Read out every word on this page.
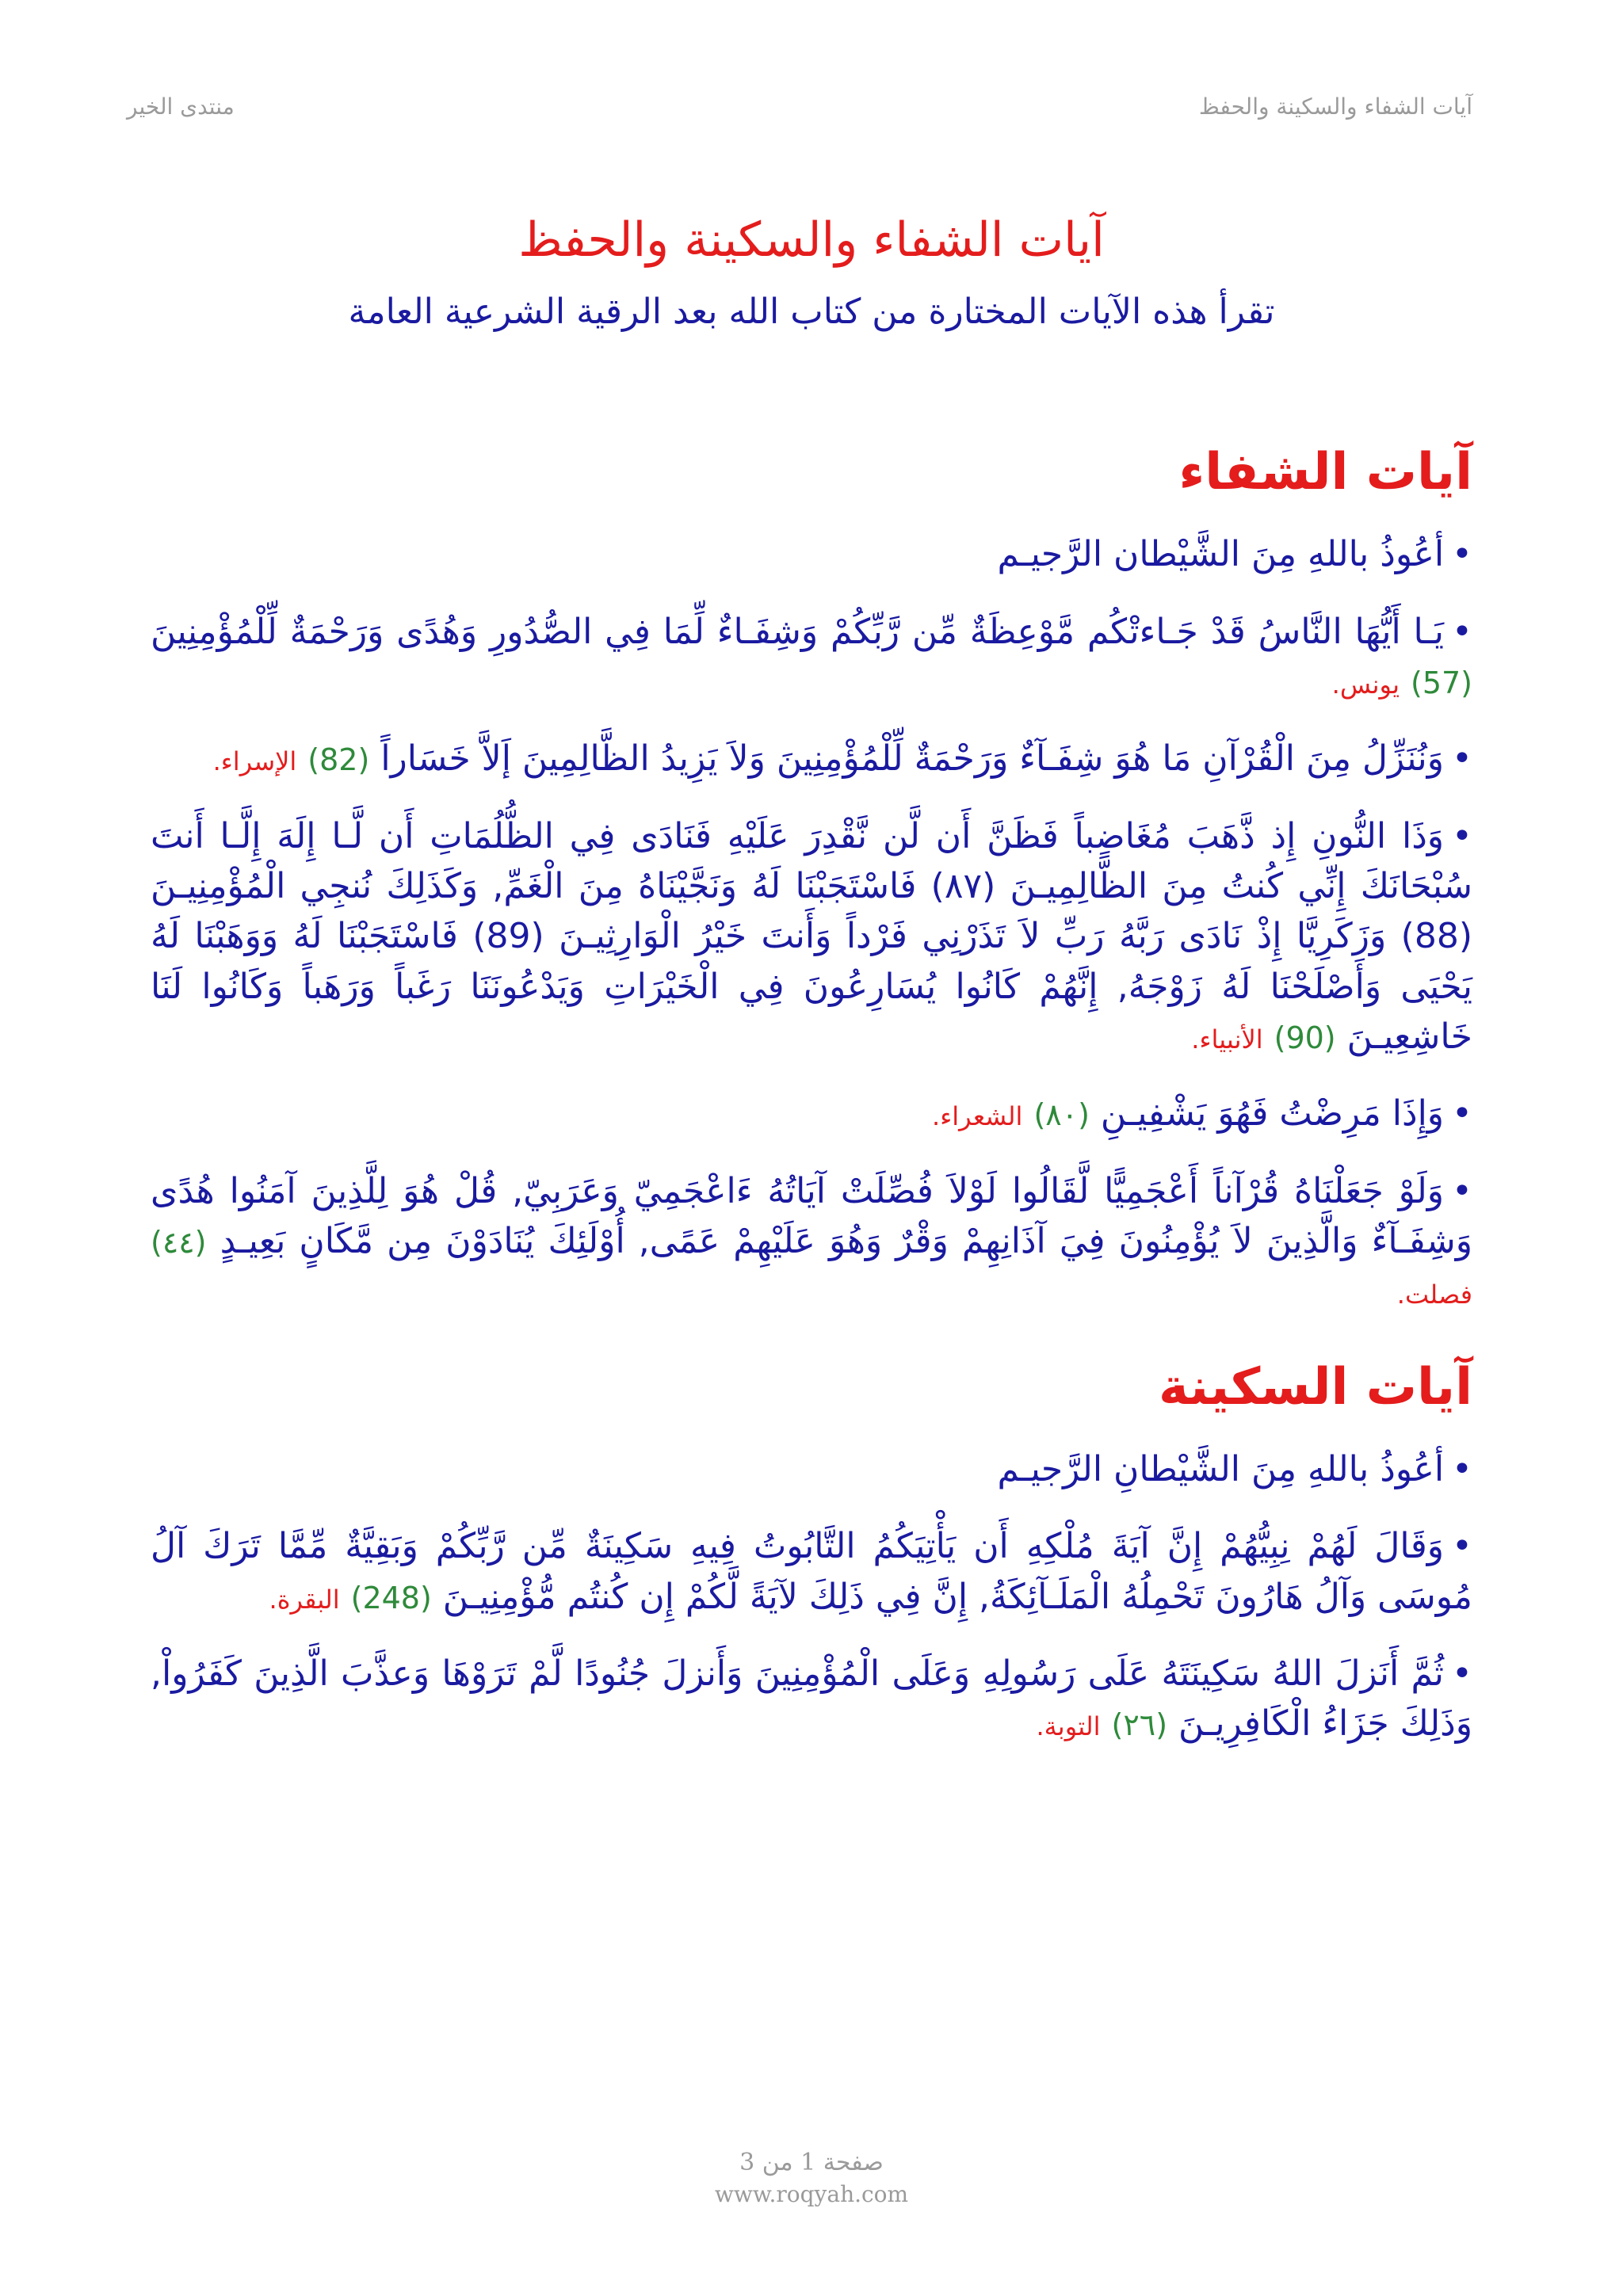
منتدى الخير	آيات الشفاء والسكينة والحفظ
آيات الشفاء والسكينة والحفظ
تقرأ هذه الآيات المختارة من كتاب الله بعد الرقية الشرعية العامة
آيات الشفاء
•أعُوذُ باللهِ مِنَ الشَّيْطان الرَّجيـم
•يَـا أَيُّهَا النَّاسُ قَدْ جَـاءتْكُم مَّوْعِظَةٌ مِّن رَّبِّكُمْ وَشِفَـاءٌ لِّمَا فِي الصُّدُورِ وَهُدًى وَرَحْمَةٌ لِّلْمُؤْمِنِينَ (57) يونس.
•وَنُنَزِّلُ مِنَ الْقُرْآنِ مَا هُوَ شِفَـآءٌ وَرَحْمَةٌ لِّلْمُؤْمِنِينَ وَلاَ يَزِيدُ الظَّالِمِينَ إَلاَّ خَسَاراً (82) الإسراء.
•وَذَا النُّونِ إِذ ذَّهَبَ مُغَاضِباً فَظَنَّ أَن لَّن نَّقْدِرَ عَلَيْهِ فَنَادَى فِي الظُّلُمَاتِ أَن لَّـا إِلَهَ إِلَّـا أَنتَ سُبْحَانَكَ إِنِّي كُنتُ مِنَ الظَّالِمِيـنَ (٨٧) فَاسْتَجَبْنَا لَهُ وَنَجَّيْنَاهُ مِنَ الْغَمِّ, وَكَذَلِكَ نُنجِي الْمُؤْمِنِيـنَ (88) وَزَكَرِيَّا إِذْ نَادَى رَبَّهُ رَبِّ لاَ تَذَرْنِي فَرْداً وَأَنتَ خَيْرُ الْوَارِثِيـنَ (89) فَاسْتَجَبْنَا لَهُ وَوَهَبْنَا لَهُ يَحْيَى وَأَصْلَحْنَا لَهُ زَوْجَهُ, إِنَّهُمْ كَانُوا يُسَارِعُونَ فِي الْخَيْرَاتِ وَيَدْعُونَنَا رَغَباً وَرَهَباً وَكَانُوا لَنَا خَاشِعِيـنَ (90) الأنبياء.
•وَإِذَا مَرِضْتُ فَهُوَ يَشْفِيـنِ (٨٠) الشعراء.
•وَلَوْ جَعَلْنَاهُ قُرْآناً أَعْجَمِيًّا لَّقَالُوا لَوْلاَ فُصِّلَتْ آيَاتُهُ ءَاعْجَمِيّ وَعَرَبِيّ, قُلْ هُوَ لِلَّذِينَ آمَنُوا هُدًى وَشِفَـآءٌ وَالَّذِينَ لاَ يُؤْمِنُونَ فِيَ آذَانِهِمْ وَقْرٌ وَهُوَ عَلَيْهِمْ عَمًى, أُوْلَئِكَ يُنَادَوْنَ مِن مَّكَانٍ بَعِيـدٍ (٤٤) فصلت.
آيات السكينة
•أعُوذُ باللهِ مِنَ الشَّيْطانِ الرَّجيـم
•وَقَالَ لَهُمْ نِبِيُّهُمْ إِنَّ آيَةَ مُلْكِهِ أَن يَأْتِيَكُمُ التَّابُوتُ فِيهِ سَكِينَةٌ مِّن رَّبِّكُمْ وَبَقِيَّةٌ مِّمَّا تَرَكَ آلُ مُوسَى وَآلُ هَارُونَ تَحْمِلُهُ الْمَلَـآئِكَةُ, إِنَّ فِي ذَلِكَ لآيَةً لَّكُمْ إِن كُنتُم مُّؤْمِنِيـنَ (248) البقرة.
•ثُمَّ أَنَزلَ اللهُ سَكِينَتَهُ عَلَى رَسُولِهِ وَعَلَى الْمُؤْمِنِينَ وَأَنزلَ جُنُودًا لَّمْ تَرَوْهَا وَعذَّبَ الَّذِينَ كَفَرُواْ, وَذَلِكَ جَزَاءُ الْكَافِرِيـنَ (٢٦) التوبة.
صفحة 1 من 3
www.roqyah.com
